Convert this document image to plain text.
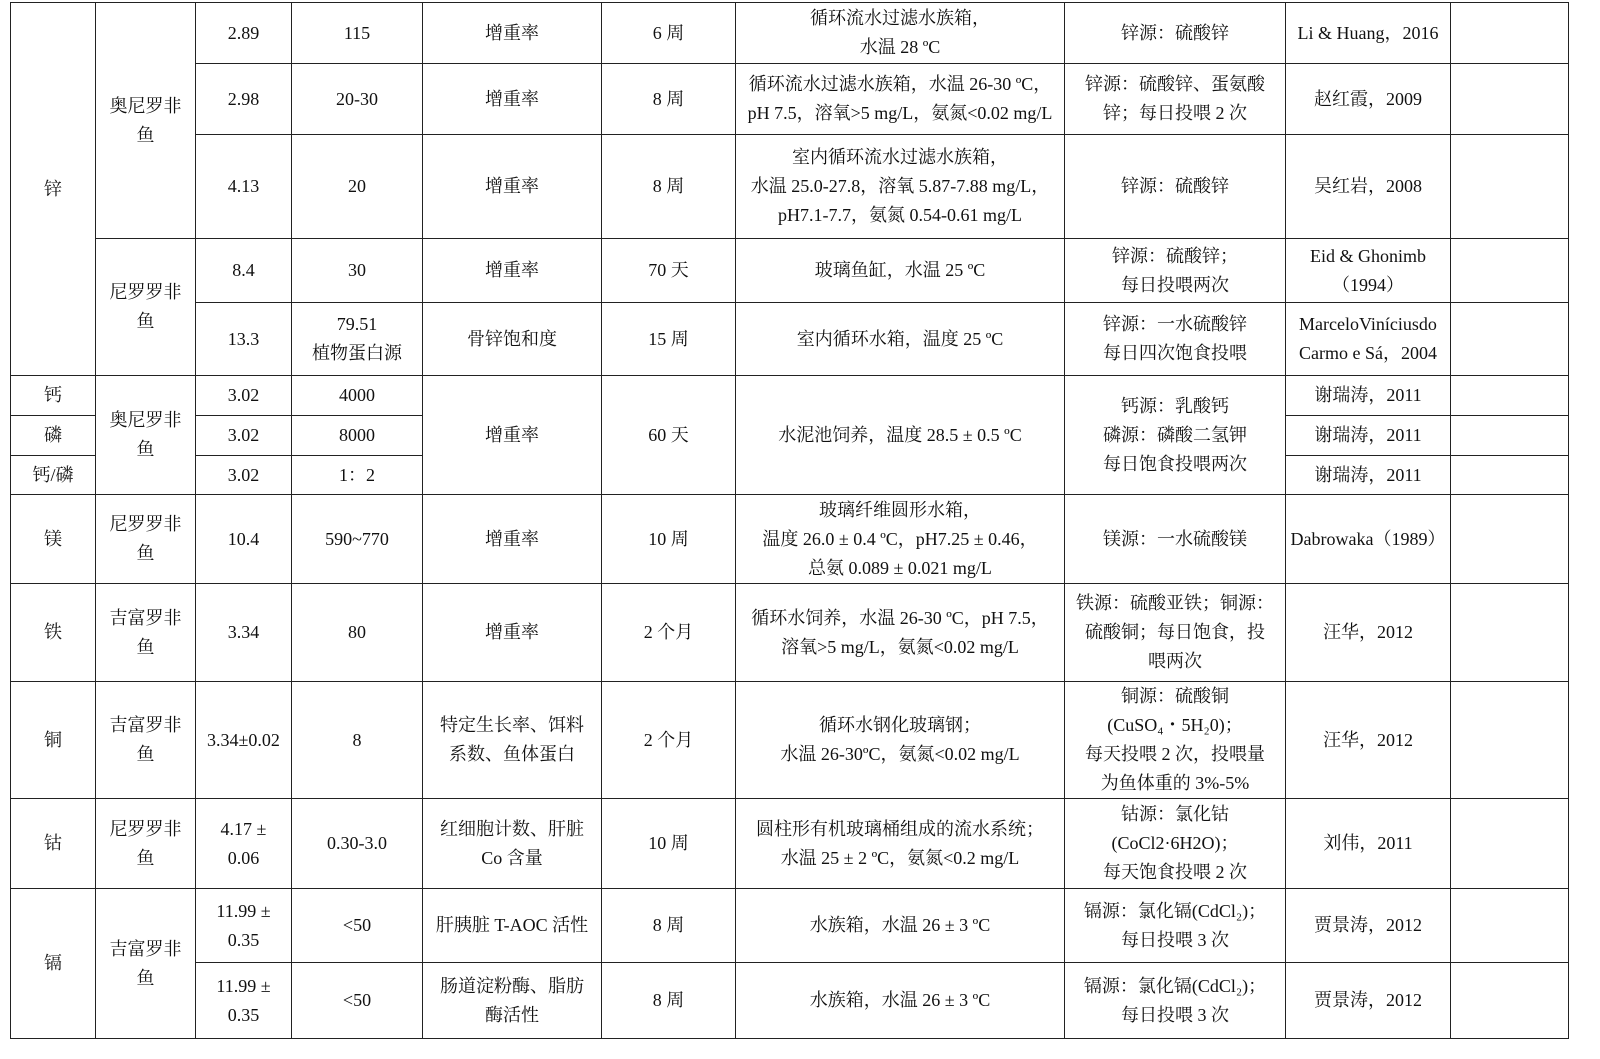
锌	奥尼罗非
鱼	2.89	115	增重率	6 周	循环流水过滤水族箱，
水温 28 ºC	锌源：硫酸锌	Li & Huang，2016	

		2.98	20-30	增重率	8 周	循环流水过滤水族箱，水温 26-30 ºC，
pH 7.5，溶氧>5 mg/L，氨氮<0.02 mg/L	锌源：硫酸锌、蛋氨酸
锌；每日投喂 2 次	赵红霞，2009	

		4.13	20	增重率	8 周	室内循环流水过滤水族箱，
水温 25.0-27.8，溶氧 5.87-7.88 mg/L，
pH7.1-7.7，氨氮 0.54-0.61 mg/L	锌源：硫酸锌	吴红岩，2008	

	尼罗罗非
鱼	8.4	30	增重率	70 天	玻璃鱼缸，水温 25 ºC	锌源：硫酸锌；
每日投喂两次	Eid & Ghonimb
（1994）	

		13.3	79.51
植物蛋白源	骨锌饱和度	15 周	室内循环水箱，温度 25 ºC	锌源：一水硫酸锌
每日四次饱食投喂	MarceloViníciusdo
Carmo e Sá，2004	

钙	奥尼罗非
鱼	3.02	4000	增重率	60 天	水泥池饲养，温度 28.5 ± 0.5 ºC	钙源：乳酸钙
磷源：磷酸二氢钾
每日饱食投喂两次	谢瑞涛，2011	

磷		3.02	8000					谢瑞涛，2011	

钙/磷		3.02	1：2					谢瑞涛，2011	

镁	尼罗罗非
鱼	10.4	590~770	增重率	10 周	玻璃纤维圆形水箱，
温度 26.0 ± 0.4 ºC，pH7.25 ± 0.46，
总氨 0.089 ± 0.021 mg/L	镁源：一水硫酸镁	Dabrowaka（1989）	

铁	吉富罗非
鱼	3.34	80	增重率	2 个月	循环水饲养，水温 26-30 ºC，pH 7.5，
溶氧>5 mg/L，氨氮<0.02 mg/L	铁源：硫酸亚铁；铜源：
硫酸铜；每日饱食，投
喂两次	汪华，2012	

铜	吉富罗非
鱼	3.34±0.02	8	特定生长率、饵料
系数、鱼体蛋白	2 个月	循环水钢化玻璃钢；
水温 26-30ºC，氨氮<0.02 mg/L	铜源：硫酸铜
(CuSO₄・5H₂0)；
每天投喂 2 次，投喂量
为鱼体重的 3%-5%	汪华，2012	

钴	尼罗罗非
鱼	4.17 ±
0.06	0.30-3.0	红细胞计数、肝脏
Co 含量	10 周	圆柱形有机玻璃桶组成的流水系统；
水温 25 ± 2 ºC，氨氮<0.2 mg/L	钴源：氯化钴
(CoCl2·6H2O)；
每天饱食投喂 2 次	刘伟，2011	

镉	吉富罗非
鱼	11.99 ±
0.35	<50	肝胰脏 T-AOC 活性	8 周	水族箱，水温 26 ± 3 ºC	镉源：氯化镉(CdCl₂)；
每日投喂 3 次	贾景涛，2012	

		11.99 ±
0.35	<50	肠道淀粉酶、脂肪
酶活性	8 周	水族箱，水温 26 ± 3 ºC	镉源：氯化镉(CdCl₂)；
每日投喂 3 次	贾景涛，2012	
